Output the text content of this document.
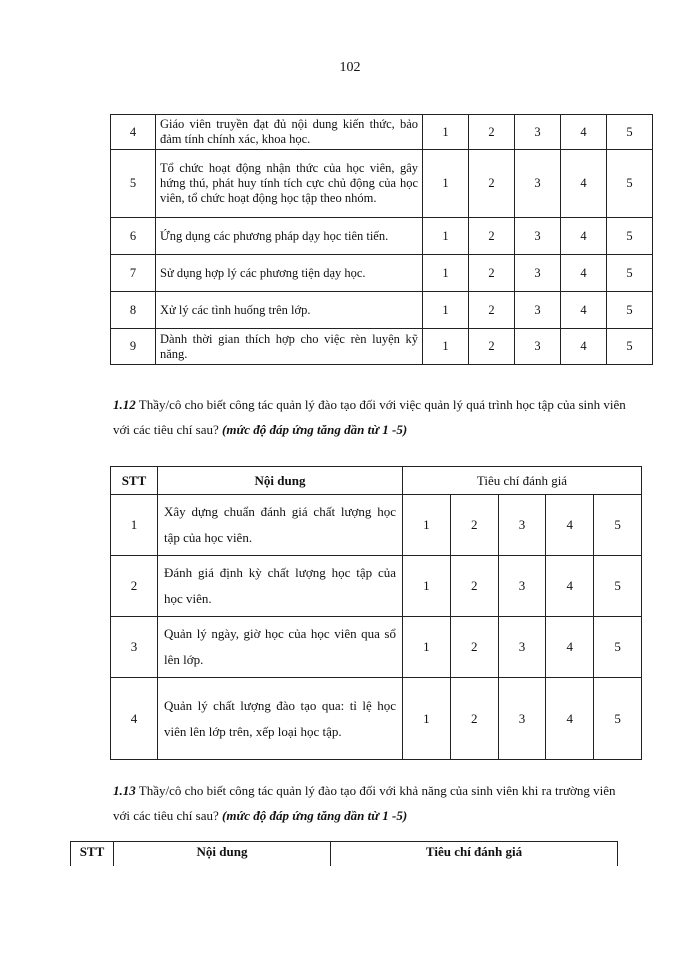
102
4	Giáo viên truyền đạt đủ nội dung kiến thức, bảo đảm tính chính xác, khoa học.	1	2	3	4	5
5	Tổ chức hoạt động nhận thức của học viên, gây hứng thú, phát huy tính tích cực chủ động của học viên, tổ chức hoạt động học tập theo nhóm.	1	2	3	4	5
6	Ứng dụng các phương pháp dạy học tiên tiến.	1	2	3	4	5
7	Sử dụng hợp lý các phương tiện dạy học.	1	2	3	4	5
8	Xử lý các tình huống trên lớp.	1	2	3	4	5
9	Dành thời gian thích hợp cho việc rèn luyện kỹ năng.	1	2	3	4	5
1.12 Thầy/cô cho biết công tác quản lý đào tạo đối với việc quản lý quá trình học tập của sinh viên với các tiêu chí sau? (mức độ đáp ứng tăng dần từ 1 -5)
STT	Nội dung	Tiêu chí đánh giá				
1	Xây dựng chuẩn đánh giá chất lượng học tập của học viên.	1	2	3	4	5
2	Đánh giá định kỳ chất lượng học tập của học viên.	1	2	3	4	5
3	Quản lý ngày, giờ học của học viên qua sổ lên lớp.	1	2	3	4	5
4	Quản lý chất lượng đào tạo qua: tỉ lệ học viên lên lớp trên, xếp loại học tập.	1	2	3	4	5
1.13 Thầy/cô cho biết công tác quản lý đào tạo đối với khả năng của sinh viên khi ra trường viên với các tiêu chí sau? (mức độ đáp ứng tăng dần từ 1 -5)
STT	Nội dung	Tiêu chí đánh giá
